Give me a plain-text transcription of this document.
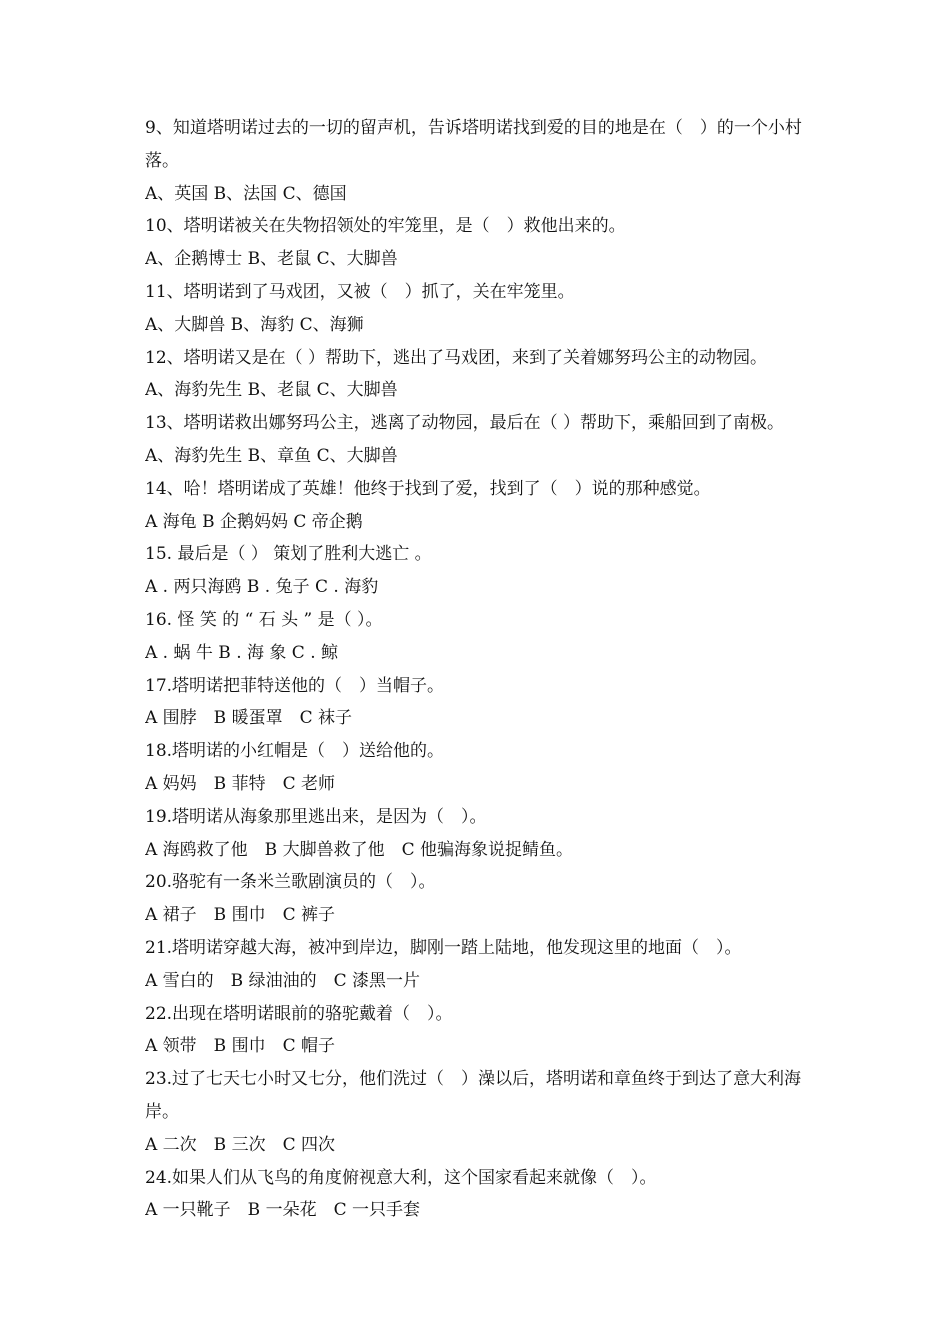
9、知道塔明诺过去的一切的留声机，告诉塔明诺找到爱的目的地是在（　）的一个小村落。
A、英国 B、法国 C、德国
10、塔明诺被关在失物招领处的牢笼里，是（　）救他出来的。
A、企鹅博士 B、老鼠 C、大脚兽
11、塔明诺到了马戏团，又被（　）抓了，关在牢笼里。
A、大脚兽 B、海豹 C、海狮
12、塔明诺又是在（ ）帮助下，逃出了马戏团，来到了关着娜努玛公主的动物园。
A、海豹先生 B、老鼠 C、大脚兽
13、塔明诺救出娜努玛公主，逃离了动物园，最后在（ ）帮助下，乘船回到了南极。
A、海豹先生 B、章鱼 C、大脚兽
14、哈！塔明诺成了英雄！他终于找到了爱，找到了（　）说的那种感觉。
A 海龟 B 企鹅妈妈 C 帝企鹅
15. 最后是（ ） 策划了胜利大逃亡 。
A . 两只海鸥 B . 兔子 C . 海豹
16. 怪 笑 的 “ 石 头 ” 是（ ）。
A . 蜗 牛 B . 海 象 C . 鲸
17.塔明诺把菲特送他的（　）当帽子。
A 围脖　B 暖蛋罩　C 袜子
18.塔明诺的小红帽是（　）送给他的。
A 妈妈　B 菲特　C 老师
19.塔明诺从海象那里逃出来，是因为（　）。
A 海鸥救了他　B 大脚兽救了他　C 他骗海象说捉鲭鱼。
20.骆驼有一条米兰歌剧演员的（　）。
A 裙子　B 围巾　C 裤子
21.塔明诺穿越大海，被冲到岸边，脚刚一踏上陆地，他发现这里的地面（　）。
A 雪白的　B 绿油油的　C 漆黑一片
22.出现在塔明诺眼前的骆驼戴着（　）。
A 领带　B 围巾　C 帽子
23.过了七天七小时又七分，他们洗过（　）澡以后，塔明诺和章鱼终于到达了意大利海岸。
A 二次　B 三次　C 四次
24.如果人们从飞鸟的角度俯视意大利，这个国家看起来就像（　）。
A 一只靴子　B 一朵花　C 一只手套
